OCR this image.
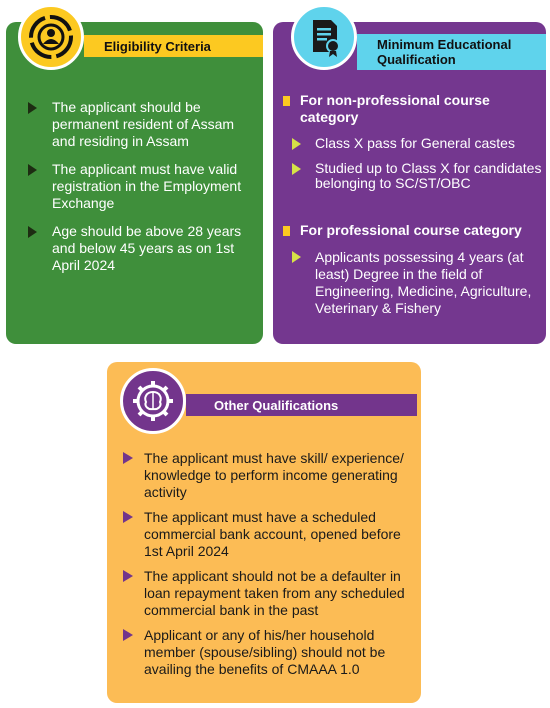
Eligibility Criteria
The applicant should be permanent resident of Assam and residing in Assam
The applicant must have valid registration in the Employment Exchange
Age should be above 28 years and below 45 years as on 1st April 2024
Minimum Educational Qualification
For non-professional course category
Class X pass for General castes
Studied up to Class X for candidates belonging to SC/ST/OBC
For professional course category
Applicants possessing 4 years (at least) Degree in the field of Engineering, Medicine, Agriculture, Veterinary & Fishery
Other Qualifications
The applicant must have skill/ experience/ knowledge to perform income generating activity
The applicant must have a scheduled commercial bank account, opened before 1st April 2024
The applicant should not be a defaulter in loan repayment taken from any scheduled commercial bank in the past
Applicant or any of his/her household member (spouse/sibling) should not be availing the benefits of CMAAA 1.0
